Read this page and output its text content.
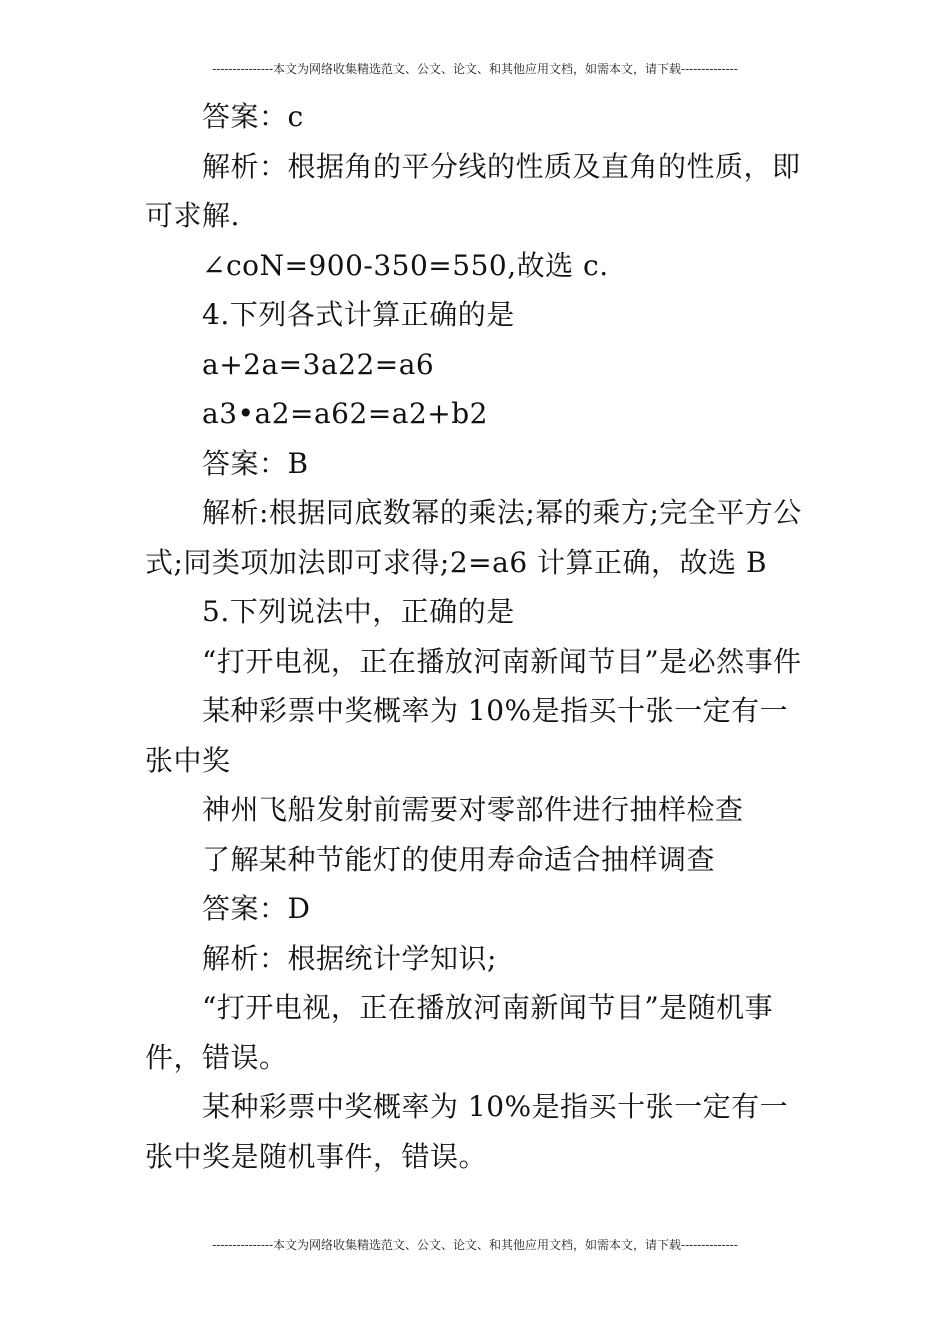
---------------本文为网络收集精选范文、公文、论文、和其他应用文档，如需本文，请下载--------------

答案：c

解析：根据角的平分线的性质及直角的性质，即可求解.

∠coN=900-350=550,故选 c.

4.下列各式计算正确的是

a+2a=3a22=a6

a3•a2=a62=a2+b2

答案：B

解析:根据同底数幂的乘法;幂的乘方;完全平方公式;同类项加法即可求得;2=a6 计算正确，故选 B

5.下列说法中，正确的是

“打开电视，正在播放河南新闻节目”是必然事件

某种彩票中奖概率为 10%是指买十张一定有一张中奖

神州飞船发射前需要对零部件进行抽样检查

了解某种节能灯的使用寿命适合抽样调查

答案：D

解析：根据统计学知识;

“打开电视，正在播放河南新闻节目”是随机事件，错误。

某种彩票中奖概率为 10%是指买十张一定有一张中奖是随机事件，错误。

---------------本文为网络收集精选范文、公文、论文、和其他应用文档，如需本文，请下载--------------
